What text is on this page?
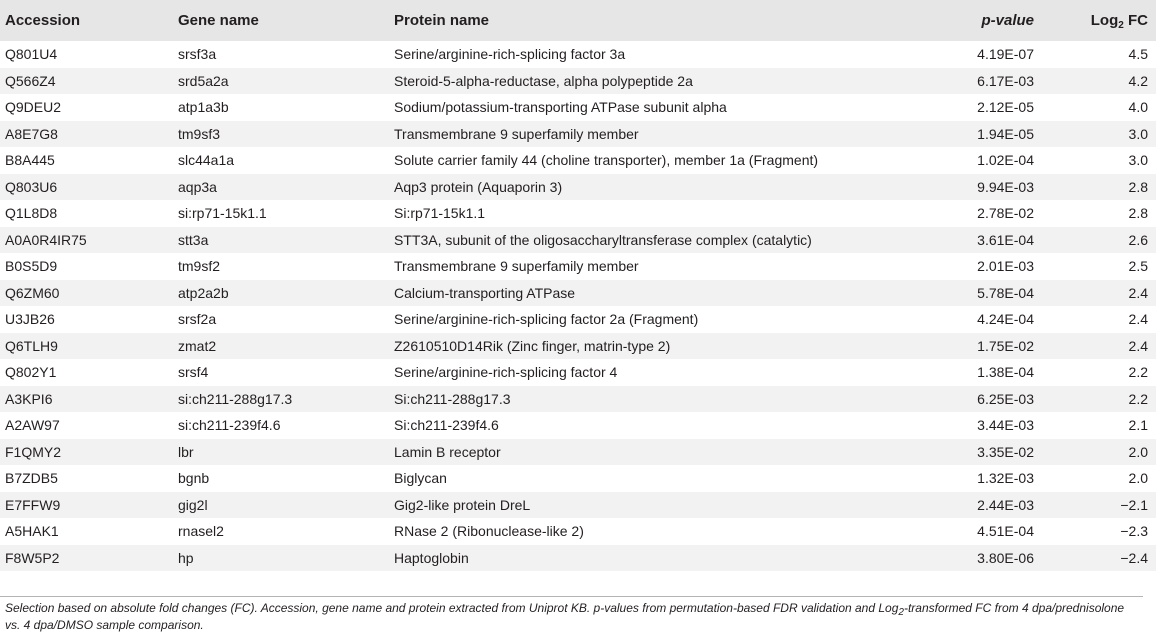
Accession	Gene name	Protein name	p-value	Log$_2$ FC
Q801U4	srsf3a	Serine/arginine-rich-splicing factor 3a	4.19E-07	4.5
Q566Z4	srd5a2a	Steroid-5-alpha-reductase, alpha polypeptide 2a	6.17E-03	4.2
Q9DEU2	atp1a3b	Sodium/potassium-transporting ATPase subunit alpha	2.12E-05	4.0
A8E7G8	tm9sf3	Transmembrane 9 superfamily member	1.94E-05	3.0
B8A445	slc44a1a	Solute carrier family 44 (choline transporter), member 1a (Fragment)	1.02E-04	3.0
Q803U6	aqp3a	Aqp3 protein (Aquaporin 3)	9.94E-03	2.8
Q1L8D8	si:rp71-15k1.1	Si:rp71-15k1.1	2.78E-02	2.8
A0A0R4IR75	stt3a	STT3A, subunit of the oligosaccharyltransferase complex (catalytic)	3.61E-04	2.6
B0S5D9	tm9sf2	Transmembrane 9 superfamily member	2.01E-03	2.5
Q6ZM60	atp2a2b	Calcium-transporting ATPase	5.78E-04	2.4
U3JB26	srsf2a	Serine/arginine-rich-splicing factor 2a (Fragment)	4.24E-04	2.4
Q6TLH9	zmat2	Z2610510D14Rik (Zinc finger, matrin-type 2)	1.75E-02	2.4
Q802Y1	srsf4	Serine/arginine-rich-splicing factor 4	1.38E-04	2.2
A3KPI6	si:ch211-288g17.3	Si:ch211-288g17.3	6.25E-03	2.2
A2AW97	si:ch211-239f4.6	Si:ch211-239f4.6	3.44E-03	2.1
F1QMY2	lbr	Lamin B receptor	3.35E-02	2.0
B7ZDB5	bgnb	Biglycan	1.32E-03	2.0
E7FFW9	gig2l	Gig2-like protein DreL	2.44E-03	−2.1
A5HAK1	rnasel2	RNase 2 (Ribonuclease-like 2)	4.51E-04	−2.3
F8W5P2	hp	Haptoglobin	3.80E-06	−2.4
Selection based on absolute fold changes (FC). Accession, gene name and protein extracted from Uniprot KB. p-values from permutation-based FDR validation and Log$_2$-transformed FC from 4 dpa/prednisolone vs. 4 dpa/DMSO sample comparison.
